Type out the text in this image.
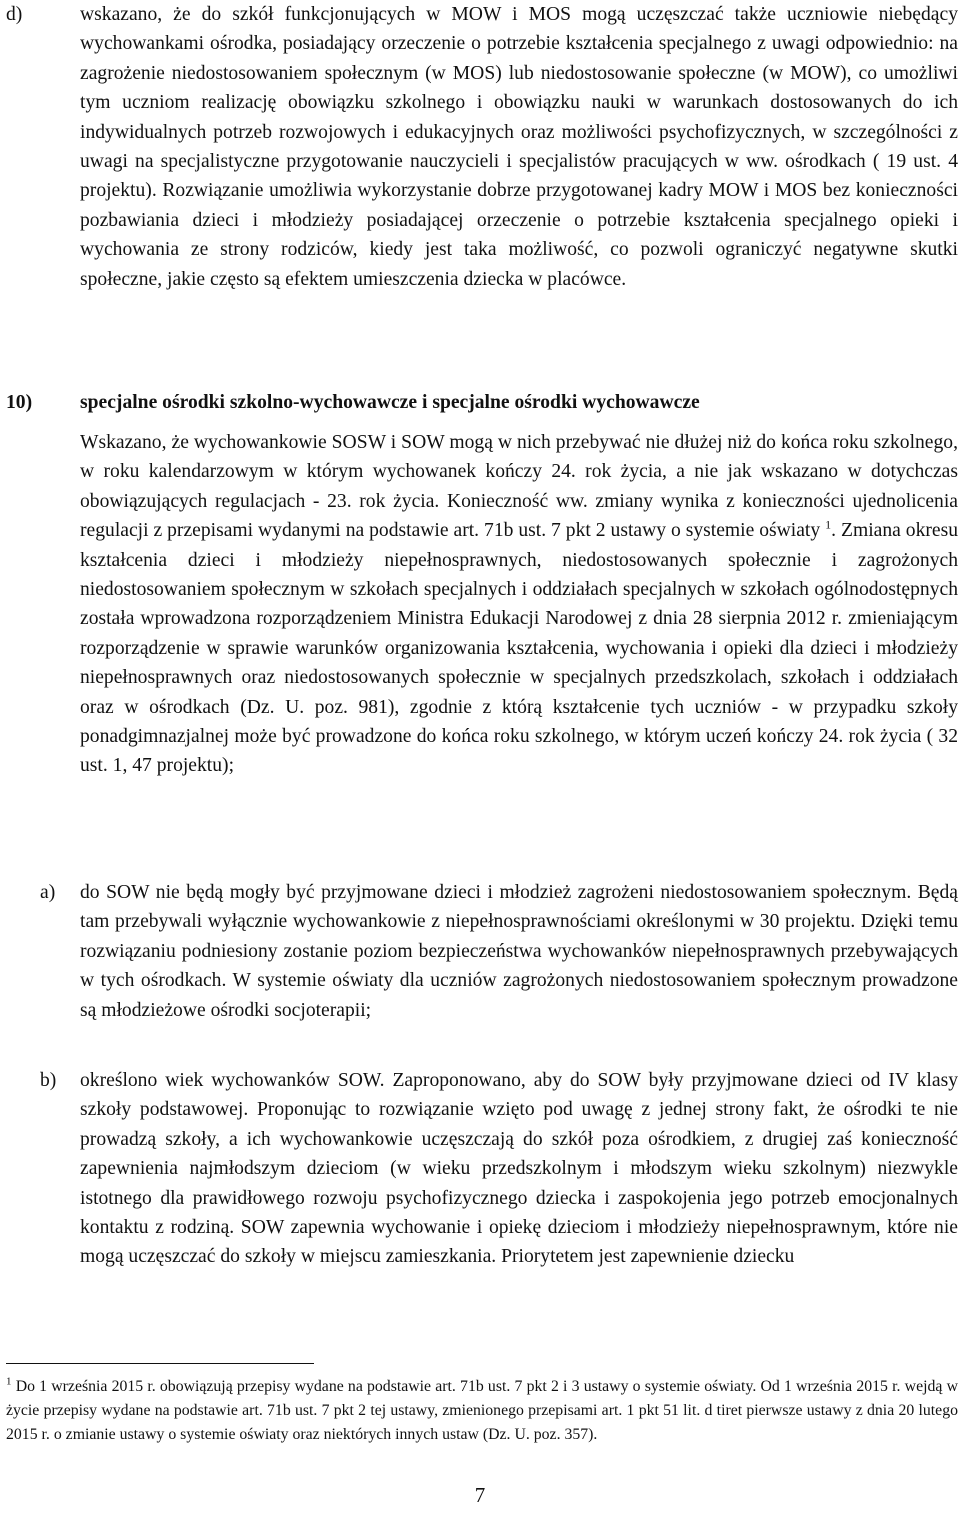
d)	wskazano, że do szkół funkcjonujących w MOW i MOS mogą uczęszczać także uczniowie niebędący wychowankami ośrodka, posiadający orzeczenie o potrzebie kształcenia specjalnego z uwagi odpowiednio: na zagrożenie niedostosowaniem społecznym (w MOS) lub niedostosowanie społeczne (w MOW), co umożliwi tym uczniom realizację obowiązku szkolnego i obowiązku nauki w warunkach dostosowanych do ich indywidualnych potrzeb rozwojowych i edukacyjnych oraz możliwości psychofizycznych, w szczególności z uwagi na specjalistyczne przygotowanie nauczycieli i specjalistów pracujących w ww. ośrodkach ( 19 ust. 4 projektu). Rozwiązanie umożliwia wykorzystanie dobrze przygotowanej kadry MOW i MOS bez konieczności pozbawiania dzieci i młodzieży posiadającej orzeczenie o potrzebie kształcenia specjalnego opieki i wychowania ze strony rodziców, kiedy jest taka możliwość, co pozwoli ograniczyć negatywne skutki społeczne, jakie często są efektem umieszczenia dziecka w placówce.

10) specjalne ośrodki szkolno-wychowawcze i specjalne ośrodki wychowawcze

Wskazano, że wychowankowie SOSW i SOW mogą w nich przebywać nie dłużej niż do końca roku szkolnego, w roku kalendarzowym w którym wychowanek kończy 24. rok życia, a nie jak wskazano w dotychczas obowiązujących regulacjach - 23. rok życia. Konieczność ww. zmiany wynika z konieczności ujednolicenia regulacji z przepisami wydanymi na podstawie art. 71b ust. 7 pkt 2 ustawy o systemie oświaty $^1$. Zmiana okresu kształcenia dzieci i młodzieży niepełnosprawnych, niedostosowanych społecznie i zagrożonych niedostosowaniem społecznym w szkołach specjalnych i oddziałach specjalnych w szkołach ogólnodostępnych została wprowadzona rozporządzeniem Ministra Edukacji Narodowej z dnia 28 sierpnia 2012 r. zmieniającym rozporządzenie w sprawie warunków organizowania kształcenia, wychowania i opieki dla dzieci i młodzieży niepełnosprawnych oraz niedostosowanych społecznie w specjalnych przedszkolach, szkołach i oddziałach oraz w ośrodkach (Dz. U. poz. 981), zgodnie z którą kształcenie tych uczniów - w przypadku szkoły ponadgimnazjalnej może być prowadzone do końca roku szkolnego, w którym uczeń kończy 24. rok życia ( 32 ust. 1, 47 projektu);

a)	do SOW nie będą mogły być przyjmowane dzieci i młodzież zagrożeni niedostosowaniem społecznym. Będą tam przebywali wyłącznie wychowankowie z niepełnosprawnościami określonymi w 30 projektu. Dzięki temu rozwiązaniu podniesiony zostanie poziom bezpieczeństwa wychowanków niepełnosprawnych przebywających w tych ośrodkach. W systemie oświaty dla uczniów zagrożonych niedostosowaniem społecznym prowadzone są młodzieżowe ośrodki socjoterapii;

b)	określono wiek wychowanków SOW. Zaproponowano, aby do SOW były przyjmowane dzieci od IV klasy szkoły podstawowej. Proponując to rozwiązanie wzięto pod uwagę z jednej strony fakt, że ośrodki te nie prowadzą szkoły, a ich wychowankowie uczęszczają do szkół poza ośrodkiem, z drugiej zaś konieczność zapewnienia najmłodszym dzieciom (w wieku przedszkolnym i młodszym wieku szkolnym) niezwykle istotnego dla prawidłowego rozwoju psychofizycznego dziecka i zaspokojenia jego potrzeb emocjonalnych kontaktu z rodziną. SOW zapewnia wychowanie i opiekę dzieciom i młodzieży niepełnosprawnym, które nie mogą uczęszczać do szkoły w miejscu zamieszkania. Priorytetem jest zapewnienie dziecku

$^1$ Do 1 września 2015 r. obowiązują przepisy wydane na podstawie art. 71b ust. 7 pkt 2 i 3 ustawy o systemie oświaty. Od 1 września 2015 r. wejdą w życie przepisy wydane na podstawie art. 71b ust. 7 pkt 2 tej ustawy, zmienionego przepisami art. 1 pkt 51 lit. d tiret pierwsze ustawy z dnia 20 lutego 2015 r. o zmianie ustawy o systemie oświaty oraz niektórych innych ustaw (Dz. U. poz. 357).

7
